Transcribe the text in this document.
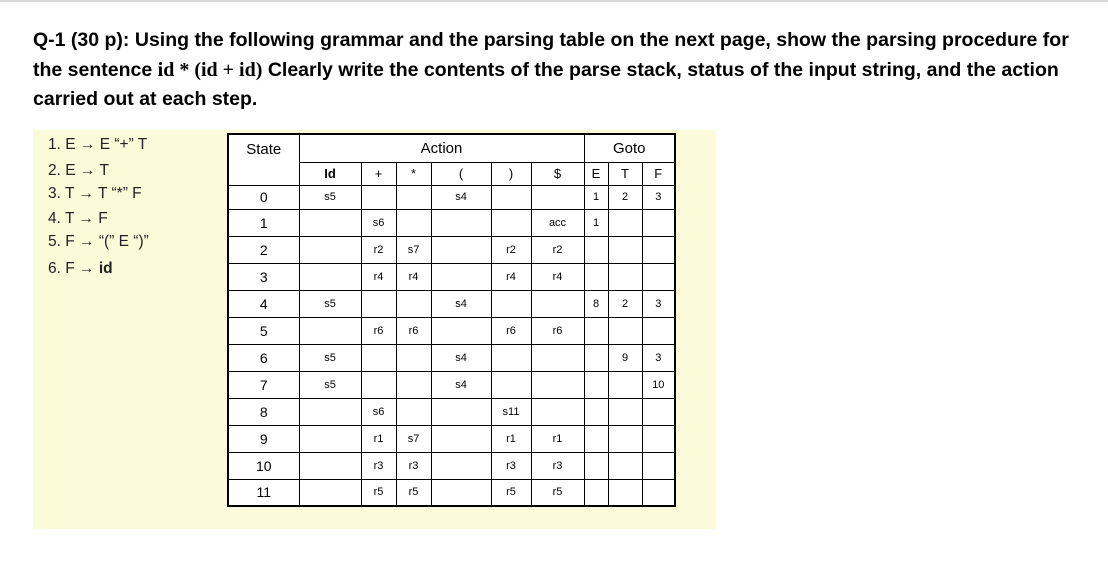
Q-1 (30 p): Using the following grammar and the parsing table on the next page, show the parsing procedure for the sentence id * (id + id) Clearly write the contents of the parse stack, status of the input string, and the action carried out at each step.
1. E → E “+” T
2. E → T
3. T → T “*” F
4. T → F
5. F → “(” E “)”
6. F → id
State	Action						Goto		
	Id	+	*	(	)	$	E	T	F
0	s5			s4			1	2	3
1		s6				acc	1		
2		r2	s7		r2	r2			
3		r4	r4		r4	r4			
4	s5			s4			8	2	3
5		r6	r6		r6	r6			
6	s5			s4				9	3
7	s5			s4					10
8		s6			s11				
9		r1	s7		r1	r1			
10		r3	r3		r3	r3			
11		r5	r5		r5	r5			
